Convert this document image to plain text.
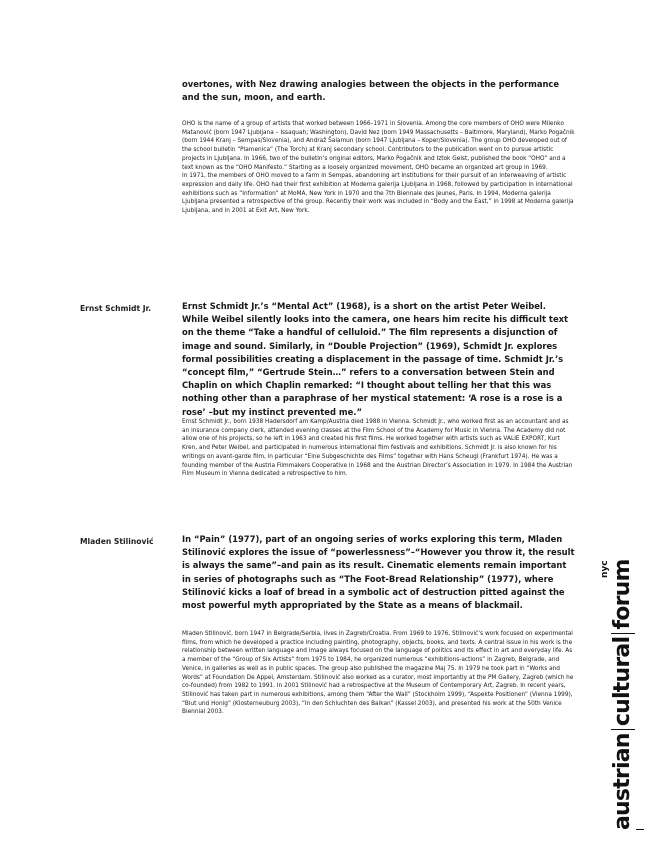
overtones, with Nez drawing analogies between the objects in the performance and the sun, moon, and earth.

OHO is the name of a group of artists that worked between 1966–1971 in Slovenia. Among the core members of OHO were Milenko Matanović (born 1947 Ljubljana – Issaquah; Washington), David Nez (born 1949 Massachusetts – Baltimore, Maryland), Marko Pogačnik (born 1944 Kranj – Sempas/Slovenia), and Andraž Šalamun (born 1947 Ljubljana – Koper/Slovenia). The group OHO developed out of the school bulletin “Plamenica” (The Torch) at Kranj secondary school. Contributors to the publication went on to pursue artistic projects in Ljubljana. In 1966, two of the bulletin’s original editors, Marko Pogačnik and Iztok Geist, published the book “OHO” and a text known as the “OHO Manifesto.” Starting as a loosely organized movement, OHO became an organized art group in 1969.

In 1971, the members of OHO moved to a farm in Sempas, abandoning art institutions for their pursuit of an interweaving of artistic expression and daily life. OHO had their first exhibition at Moderna galerija Ljubljana in 1968, followed by participation in international exhibitions such as “Information” at MoMA, New York in 1970 and the 7th Biennale des Jeunes, Paris. In 1994, Moderna galerija Ljubljana presented a retrospective of the group. Recently their work was included in “Body and the East,” in 1998 at Moderna galerija Ljubljana, and in 2001 at Exit Art, New York.

Ernst Schmidt Jr.	Ernst Schmidt Jr.’s “Mental Act” (1968), is a short on the artist Peter Weibel. While Weibel silently looks into the camera, one hears him recite his difficult text on the theme “Take a handful of celluloid.” The film represents a disjunction of image and sound. Similarly, in “Double Projection” (1969), Schmidt Jr. explores formal possibilities creating a displacement in the passage of time. Schmidt Jr.’s “concept film,” “Gertrude Stein…” refers to a conversation between Stein and Chaplin on which Chaplin remarked: “I thought about telling her that this was nothing other than a paraphrase of her mystical statement: ‘A rose is a rose is a rose’ –but my instinct prevented me.”
Ernst Schmidt Jr., born 1938 Hadersdorf am Kamp/Austria died 1988 in Vienna. Schmidt Jr., who worked first as an accountant and as an insurance company clerk, attended evening classes at the Film School of the Academy for Music in Vienna. The Academy did not allow one of his projects, so he left in 1963 and created his first films. He worked together with artists such as VALIE EXPORT, Kurt Kren, and Peter Weibel, and participated in numerous international film festivals and exhibitions. Schmidt Jr. is also known for his writings on avant-garde film, in particular “Eine Subgeschichte des Films” together with Hans Scheugl (Frankfurt 1974). He was a founding member of the Austria Filmmakers Cooperative in 1968 and the Austrian Director’s Association in 1979. In 1984 the Austrian Film Museum in Vienna dedicated a retrospective to him.
Mladen Stilinović	In “Pain” (1977), part of an ongoing series of works exploring this term, Mladen Stilinović explores the issue of “powerlessness”–“However you throw it, the result is always the same”–and pain as its result. Cinematic elements remain important in series of photographs such as “The Foot-Bread Relationship” (1977), where Stilinović kicks a loaf of bread in a symbolic act of destruction pitted against the most powerful myth appropriated by the State as a means of blackmail.
Mladen Stilinović, born 1947 in Belgrade/Serbia, lives in Zagreb/Croatia. From 1969 to 1976, Stilinović’s work focused on experimental films, from which he developed a practice including painting, photography, objects, books, and texts. A central issue in his work is the relationship between written language and image always focused on the language of politics and its effect in art and everyday life. As a member of the “Group of Six Artists” from 1975 to 1984, he organized numerous “exhibitions-actions” in Zagreb, Belgrade, and Venice, in galleries as well as in public spaces. The group also published the magazine Maj 75. In 1979 he took part in “Works and Words” at Foundation De Appel, Amsterdam. Stilinović also worked as a curator, most importantly at the PM Gallery, Zagreb (which he co-founded) from 1982 to 1991. In 2001 Stilinović had a retrospective at the Museum of Contemporary Art, Zagreb. In recent years, Stilinović has taken part in numerous exhibitions, among them “After the Wall” (Stockholm 1999), “Aspekte Positionen” (Vienna 1999), “Blut und Honig” (Klosterneuburg 2003), “In den Schluchten des Balkan” (Kassel 2003), and presented his work at the 50th Venice Biennial 2003.
austrianculturalforum
nyc
